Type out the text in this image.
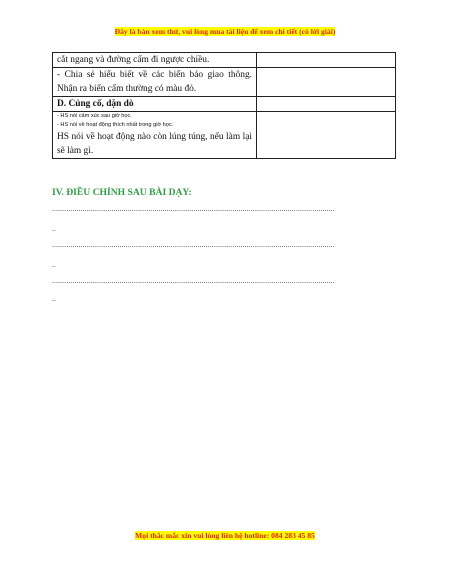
Đây là bản xem thử, vui lòng mua tài liệu để xem chi tiết (có lời giải)
cắt ngang và đường cấm đi ngược chiều.	
- Chia sẻ hiểu biết về các biển báo giao thông. Nhận ra biển cấm thường có màu đỏ.	
D. Củng cố, dặn dò	

- HS nói cảm xúc sau giờ học.
- HS nói về hoạt động thích nhất trong giờ học.
HS nói về hoạt động nào còn lúng túng, nếu làm lại sẽ làm gì.	

IV. ĐIỀU CHỈNH SAU BÀI DẠY:
..........................................................................................................................................
..
..........................................................................................................................................
..
..........................................................................................................................................
..
Mọi thắc mắc xin vui lòng liên hệ hotline: 084 283 45 85
